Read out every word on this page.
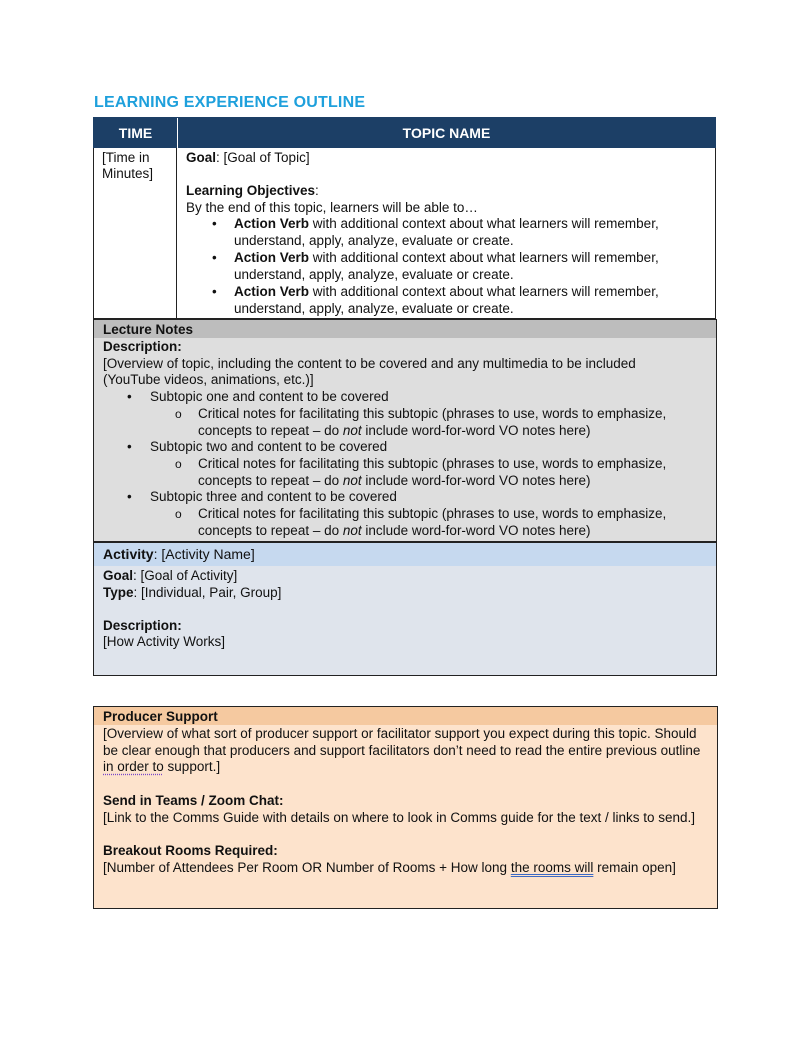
LEARNING EXPERIENCE OUTLINE
TIME	TOPIC NAME
[Time in Minutes]
Goal: [Goal of Topic]
Learning Objectives:
By the end of this topic, learners will be able to…
• Action Verb with additional context about what learners will remember, understand, apply, analyze, evaluate or create.
• Action Verb with additional context about what learners will remember, understand, apply, analyze, evaluate or create.
• Action Verb with additional context about what learners will remember, understand, apply, analyze, evaluate or create.
Lecture Notes
Description:
[Overview of topic, including the content to be covered and any multimedia to be included (YouTube videos, animations, etc.)]
• Subtopic one and content to be covered
o Critical notes for facilitating this subtopic (phrases to use, words to emphasize, concepts to repeat – do not include word-for-word VO notes here)
• Subtopic two and content to be covered
o Critical notes for facilitating this subtopic (phrases to use, words to emphasize, concepts to repeat – do not include word-for-word VO notes here)
• Subtopic three and content to be covered
o Critical notes for facilitating this subtopic (phrases to use, words to emphasize, concepts to repeat – do not include word-for-word VO notes here)
Activity: [Activity Name]
Goal: [Goal of Activity]
Type: [Individual, Pair, Group]
Description:
[How Activity Works]
Producer Support
[Overview of what sort of producer support or facilitator support you expect during this topic. Should be clear enough that producers and support facilitators don’t need to read the entire previous outline in order to support.]
Send in Teams / Zoom Chat:
[Link to the Comms Guide with details on where to look in Comms guide for the text / links to send.]
Breakout Rooms Required:
[Number of Attendees Per Room OR Number of Rooms + How long the rooms will remain open]
